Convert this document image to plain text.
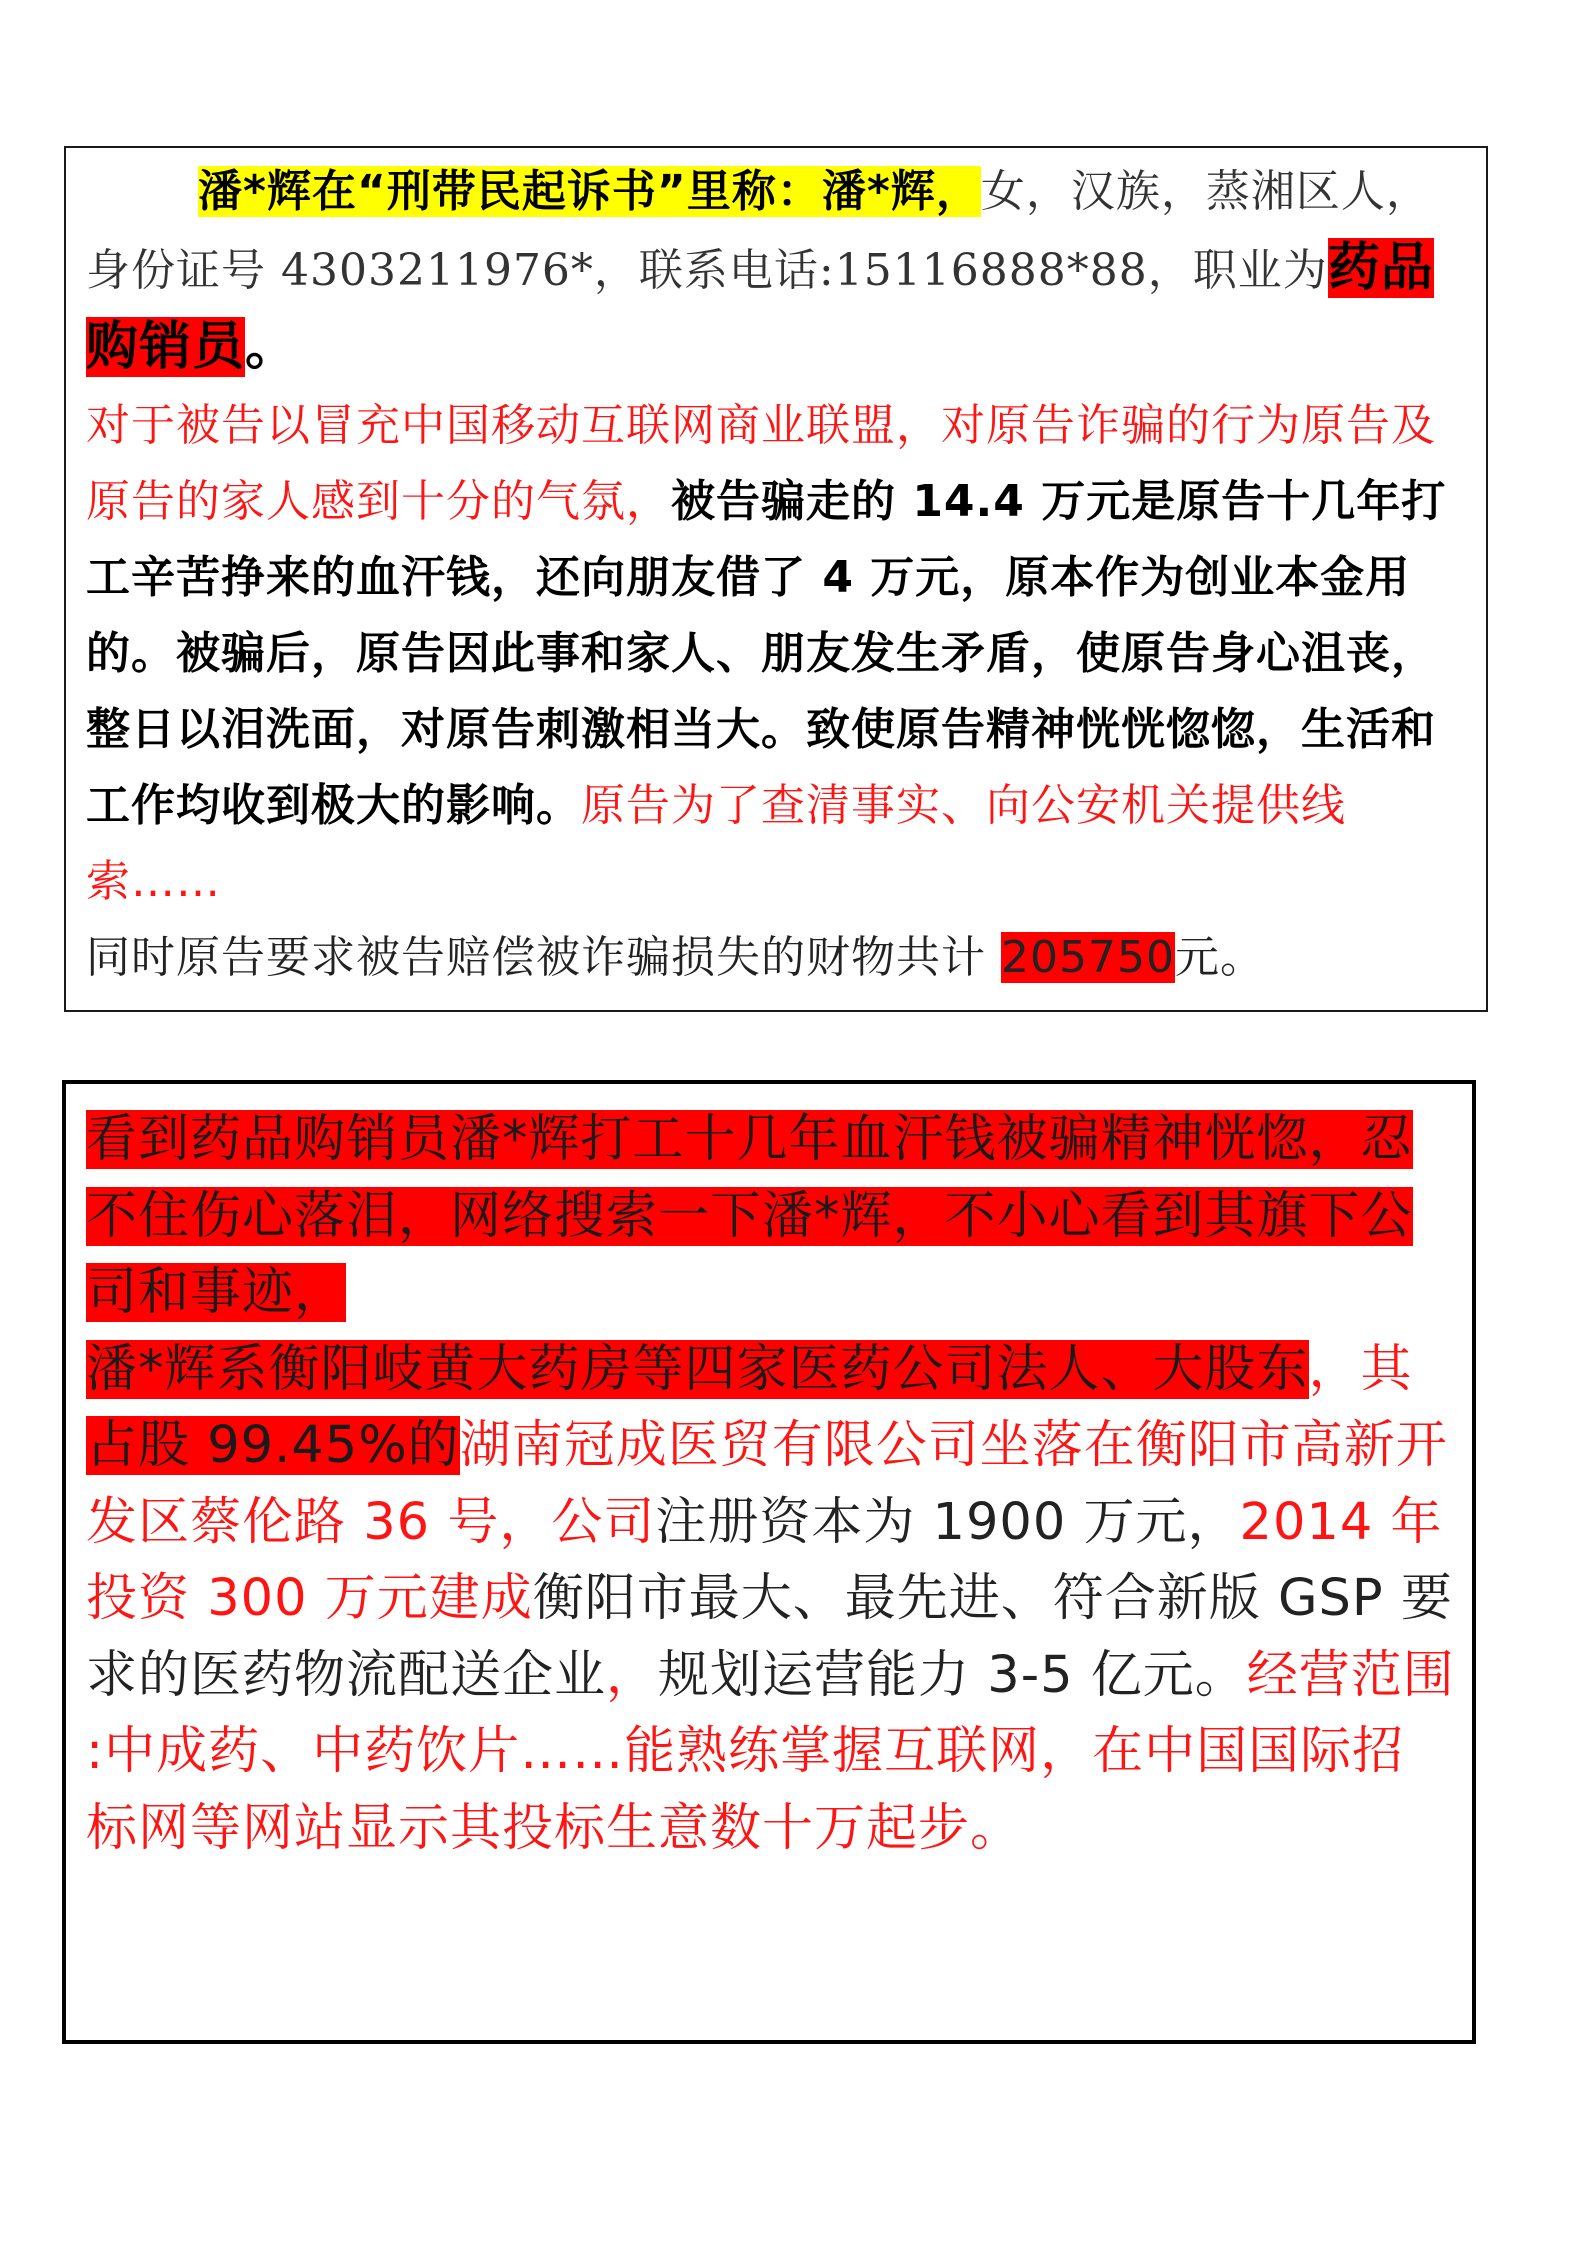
潘*辉在“刑带民起诉书”里称：潘*辉，女，汉族，蒸湘区人，身份证号 4303211976*，联系电话:15116888*88，职业为药品购销员。
对于被告以冒充中国移动互联网商业联盟，对原告诈骗的行为原告及原告的家人感到十分的气氛，被告骗走的 14.4 万元是原告十几年打工辛苦挣来的血汗钱，还向朋友借了 4 万元，原本作为创业本金用的。被骗后，原告因此事和家人、朋友发生矛盾，使原告身心沮丧，整日以泪洗面，对原告刺激相当大。致使原告精神恍恍惚惚，生活和工作均收到极大的影响。原告为了查清事实、向公安机关提供线索……
同时原告要求被告赔偿被诈骗损失的财物共计 205750元。
看到药品购销员潘*辉打工十几年血汗钱被骗精神恍惚，忍不住伤心落泪，网络搜索一下潘*辉，不小心看到其旗下公司和事迹，
潘*辉系衡阳岐黄大药房等四家医药公司法人、大股东，其占股 99.45%的湖南冠成医贸有限公司坐落在衡阳市高新开发区蔡伦路 36 号，公司注册资本为 1900 万元，2014 年投资 300 万元建成衡阳市最大、最先进、符合新版 GSP 要求的医药物流配送企业，规划运营能力 3-5 亿元。经营范围 :中成药、中药饮片……能熟练掌握互联网，在中国国际招标网等网站显示其投标生意数十万起步。
